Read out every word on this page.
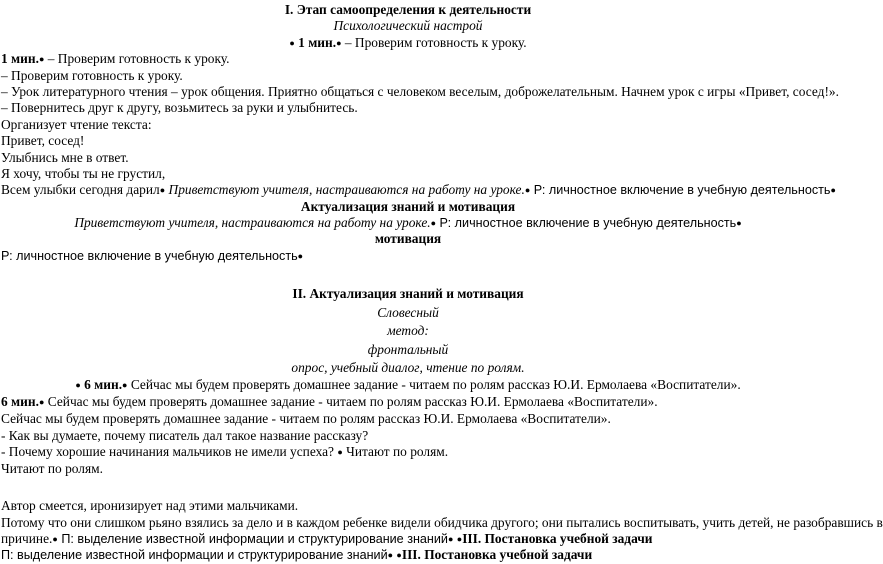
I. Этап самоопределения к деятельности
Психологический настрой
● 1 мин.● – Проверим готовность к уроку.
1 мин.● – Проверим готовность к уроку.
– Проверим готовность к уроку.
– Урок литературного чтения – урок общения. Приятно общаться с человеком веселым, доброжелательным. Начнем урок с игры «Привет, сосед!».
– Повернитесь друг к другу, возьмитесь за руки и улыбнитесь.
Организует чтение текста:
Привет, сосед!
Улыбнись мне в ответ.
Я хочу, чтобы ты не грустил,
Всем улыбки сегодня дарил● Приветствуют учителя, настраиваются на работу на уроке.● Р: личностное включение в учебную деятельность●
Актуализация знаний и мотивация
Приветствуют учителя, настраиваются на работу на уроке.● Р: личностное включение в учебную деятельность●
мотивация
Р: личностное включение в учебную деятельность●
II. Актуализация знаний и мотивация
Словесный
метод:
фронтальный
опрос, учебный диалог, чтение по ролям.
● 6 мин.● Сейчас мы будем проверять домашнее задание - читаем по ролям рассказ Ю.И. Ермолаева «Воспитатели».
6 мин.● Сейчас мы будем проверять домашнее задание - читаем по ролям рассказ Ю.И. Ермолаева «Воспитатели».
Сейчас мы будем проверять домашнее задание - читаем по ролям рассказ Ю.И. Ермолаева «Воспитатели».
- Как вы думаете, почему писатель дал такое название рассказу?
- Почему хорошие начинания мальчиков не имели успеха? ● Читают по ролям.
Читают по ролям.
Автор смеется, иронизирует над этими мальчиками.
Потому что они слишком рьяно взялись за дело и в каждом ребенке видели обидчика другого; они пытались воспитывать, учить детей, не разобравшись в
причине.● П: выделение известной информации и структурирование знаний● ●III. Постановка учебной задачи
П: выделение известной информации и структурирование знаний● ●III. Постановка учебной задачи
